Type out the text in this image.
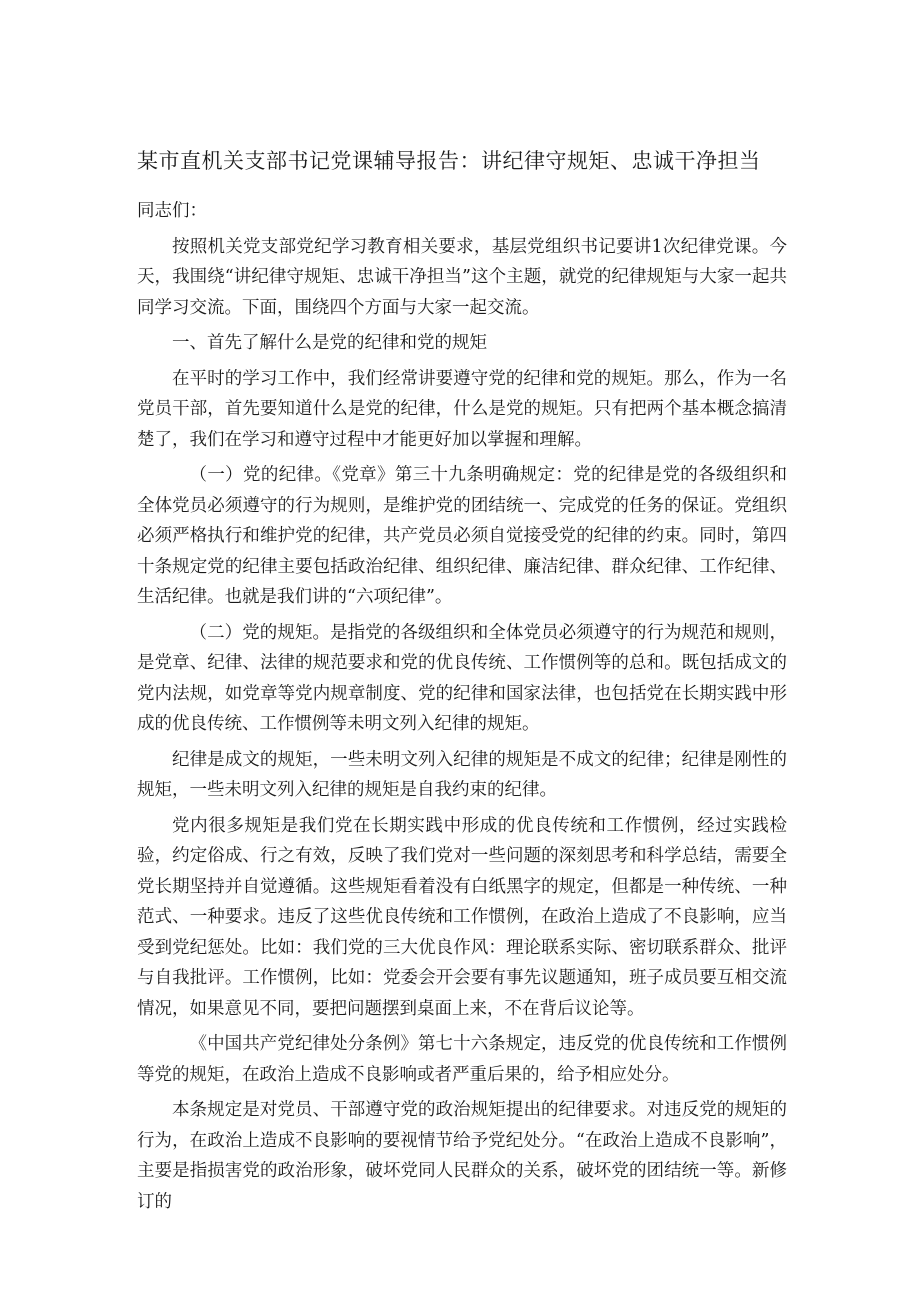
某市直机关支部书记党课辅导报告：讲纪律守规矩、忠诚干净担当

同志们：

按照机关党支部党纪学习教育相关要求，基层党组织书记要讲1次纪律党课。今天，我围绕“讲纪律守规矩、忠诚干净担当”这个主题，就党的纪律规矩与大家一起共同学习交流。下面，围绕四个方面与大家一起交流。

一、首先了解什么是党的纪律和党的规矩

在平时的学习工作中，我们经常讲要遵守党的纪律和党的规矩。那么，作为一名党员干部，首先要知道什么是党的纪律，什么是党的规矩。只有把两个基本概念搞清楚了，我们在学习和遵守过程中才能更好加以掌握和理解。

（一）党的纪律。《党章》第三十九条明确规定：党的纪律是党的各级组织和全体党员必须遵守的行为规则，是维护党的团结统一、完成党的任务的保证。党组织必须严格执行和维护党的纪律，共产党员必须自觉接受党的纪律的约束。同时，第四十条规定党的纪律主要包括政治纪律、组织纪律、廉洁纪律、群众纪律、工作纪律、生活纪律。也就是我们讲的“六项纪律”。

（二）党的规矩。是指党的各级组织和全体党员必须遵守的行为规范和规则，是党章、纪律、法律的规范要求和党的优良传统、工作惯例等的总和。既包括成文的党内法规，如党章等党内规章制度、党的纪律和国家法律，也包括党在长期实践中形成的优良传统、工作惯例等未明文列入纪律的规矩。

纪律是成文的规矩，一些未明文列入纪律的规矩是不成文的纪律；纪律是刚性的规矩，一些未明文列入纪律的规矩是自我约束的纪律。

党内很多规矩是我们党在长期实践中形成的优良传统和工作惯例，经过实践检验，约定俗成、行之有效，反映了我们党对一些问题的深刻思考和科学总结，需要全党长期坚持并自觉遵循。这些规矩看着没有白纸黑字的规定，但都是一种传统、一种范式、一种要求。违反了这些优良传统和工作惯例，在政治上造成了不良影响，应当受到党纪惩处。比如：我们党的三大优良作风：理论联系实际、密切联系群众、批评与自我批评。工作惯例，比如：党委会开会要有事先议题通知，班子成员要互相交流情况，如果意见不同，要把问题摆到桌面上来，不在背后议论等。

《中国共产党纪律处分条例》第七十六条规定，违反党的优良传统和工作惯例等党的规矩，在政治上造成不良影响或者严重后果的，给予相应处分。

本条规定是对党员、干部遵守党的政治规矩提出的纪律要求。对违反党的规矩的行为，在政治上造成不良影响的要视情节给予党纪处分。“在政治上造成不良影响”，主要是指损害党的政治形象，破坏党同人民群众的关系，破坏党的团结统一等。新修订的
